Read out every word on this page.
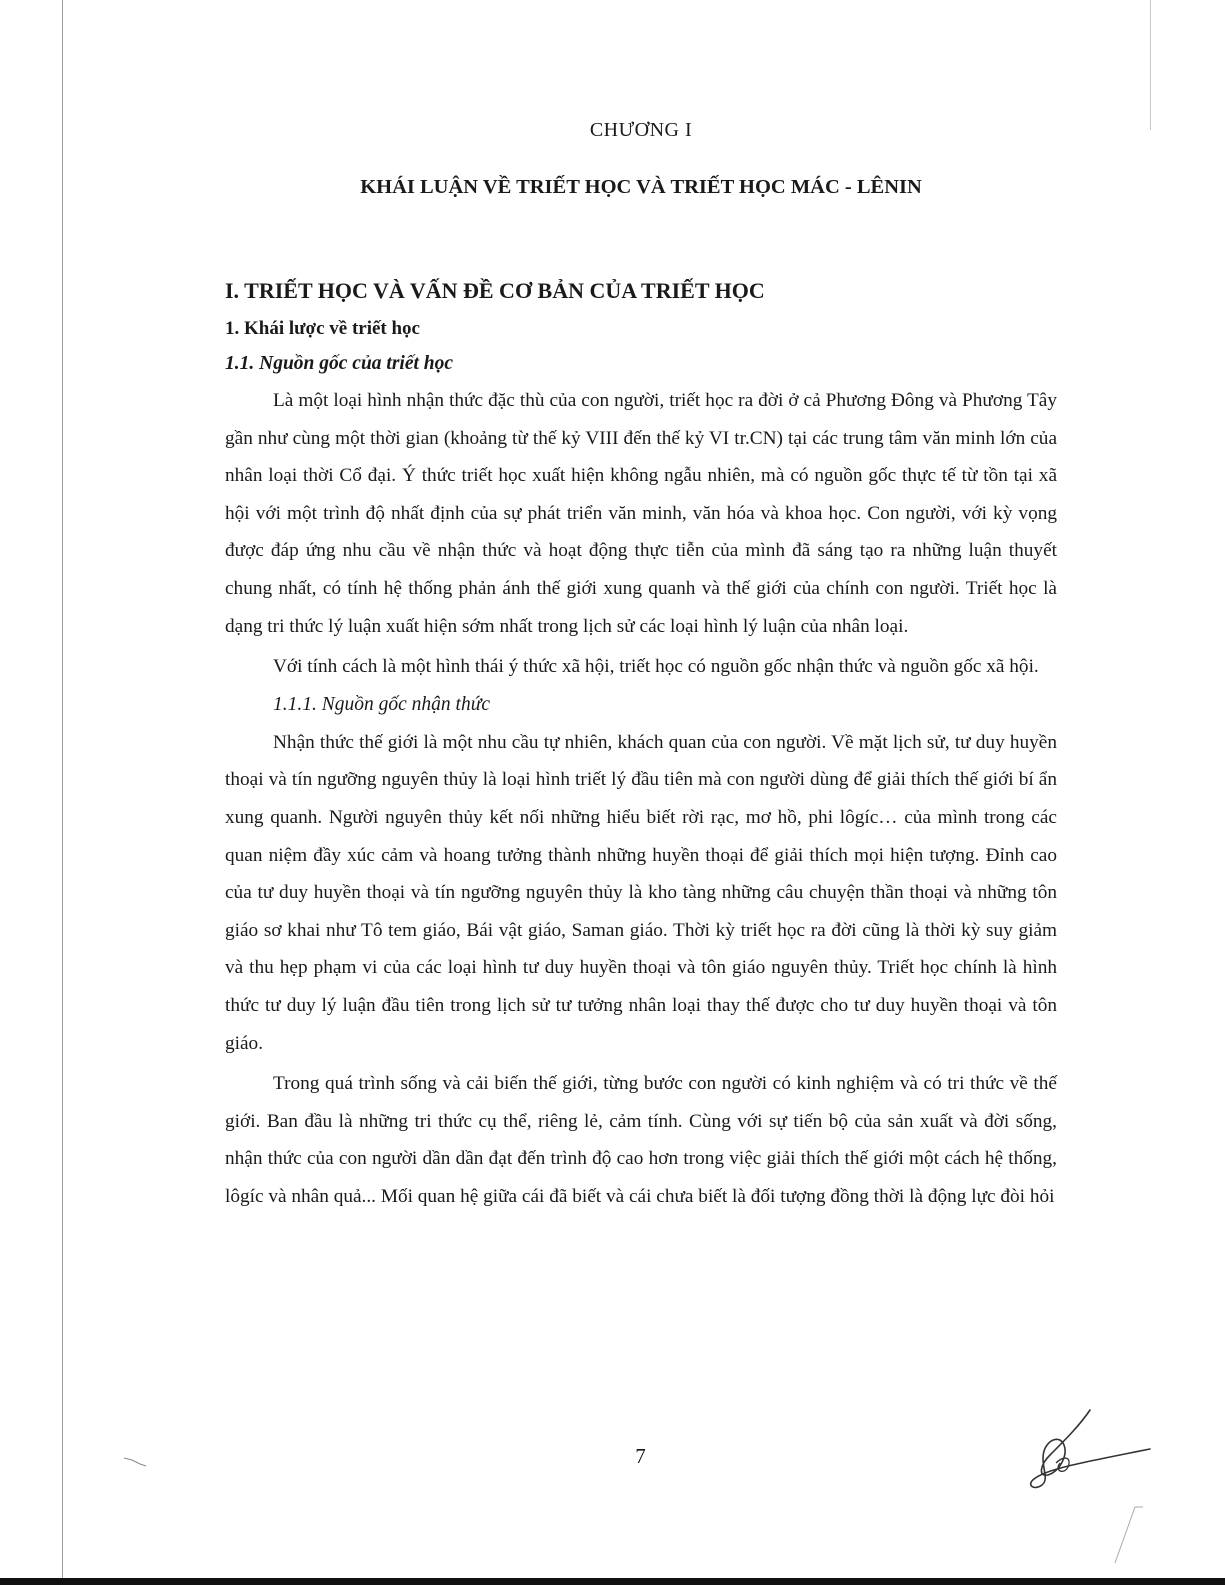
CHƯƠNG I

KHÁI LUẬN VỀ TRIẾT HỌC VÀ TRIẾT HỌC MÁC - LÊNIN

I. TRIẾT HỌC VÀ VẤN ĐỀ CƠ BẢN CỦA TRIẾT HỌC

1. Khái lược về triết học

1.1. Nguồn gốc của triết học

Là một loại hình nhận thức đặc thù của con người, triết học ra đời ở cả Phương Đông và Phương Tây gần như cùng một thời gian (khoảng từ thế kỷ VIII đến thế kỷ VI tr.CN) tại các trung tâm văn minh lớn của nhân loại thời Cổ đại. Ý thức triết học xuất hiện không ngẫu nhiên, mà có nguồn gốc thực tế từ tồn tại xã hội với một trình độ nhất định của sự phát triển văn minh, văn hóa và khoa học. Con người, với kỳ vọng được đáp ứng nhu cầu về nhận thức và hoạt động thực tiễn của mình đã sáng tạo ra những luận thuyết chung nhất, có tính hệ thống phản ánh thế giới xung quanh và thế giới của chính con người. Triết học là dạng tri thức lý luận xuất hiện sớm nhất trong lịch sử các loại hình lý luận của nhân loại.

Với tính cách là một hình thái ý thức xã hội, triết học có nguồn gốc nhận thức và nguồn gốc xã hội.

1.1.1. Nguồn gốc nhận thức

Nhận thức thế giới là một nhu cầu tự nhiên, khách quan của con người. Về mặt lịch sử, tư duy huyền thoại và tín ngưỡng nguyên thủy là loại hình triết lý đầu tiên mà con người dùng để giải thích thế giới bí ẩn xung quanh. Người nguyên thủy kết nối những hiểu biết rời rạc, mơ hồ, phi lôgíc… của mình trong các quan niệm đầy xúc cảm và hoang tưởng thành những huyền thoại để giải thích mọi hiện tượng. Đỉnh cao của tư duy huyền thoại và tín ngưỡng nguyên thủy là kho tàng những câu chuyện thần thoại và những tôn giáo sơ khai như Tô tem giáo, Bái vật giáo, Saman giáo. Thời kỳ triết học ra đời cũng là thời kỳ suy giảm và thu hẹp phạm vi của các loại hình tư duy huyền thoại và tôn giáo nguyên thủy. Triết học chính là hình thức tư duy lý luận đầu tiên trong lịch sử tư tưởng nhân loại thay thế được cho tư duy huyền thoại và tôn giáo.

Trong quá trình sống và cải biến thế giới, từng bước con người có kinh nghiệm và có tri thức về thế giới. Ban đầu là những tri thức cụ thể, riêng lẻ, cảm tính. Cùng với sự tiến bộ của sản xuất và đời sống, nhận thức của con người dần dần đạt đến trình độ cao hơn trong việc giải thích thế giới một cách hệ thống, lôgíc và nhân quả... Mối quan hệ giữa cái đã biết và cái chưa biết là đối tượng đồng thời là động lực đòi hỏi

7
